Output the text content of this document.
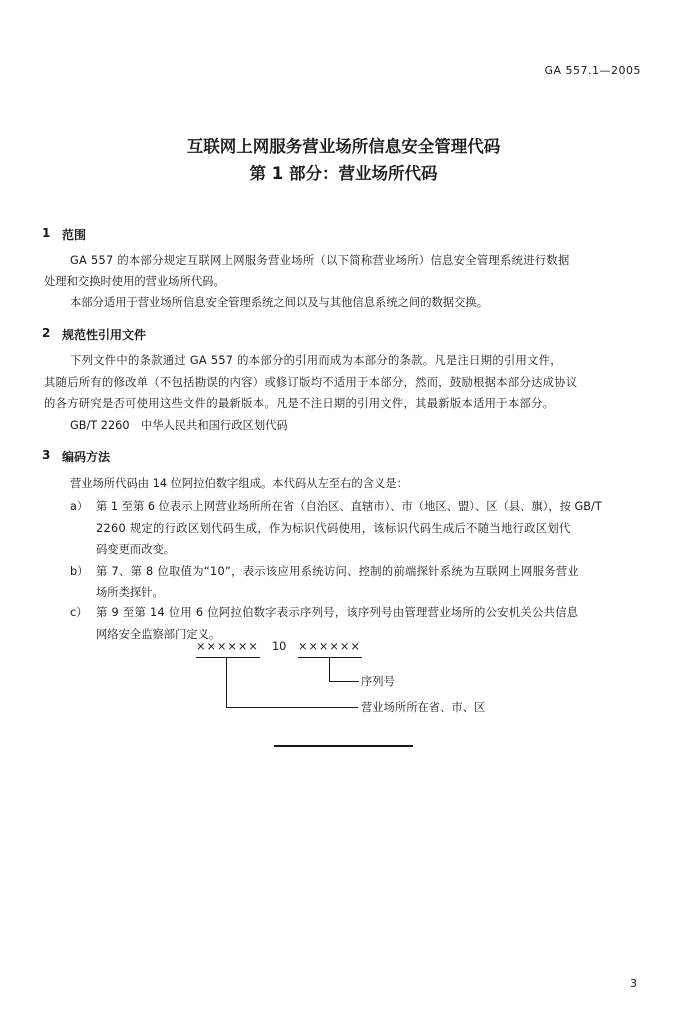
GA 557.1—2005
互联网上网服务营业场所信息安全管理代码
第 1 部分：营业场所代码
1 范围
GA 557 的本部分规定互联网上网服务营业场所（以下简称营业场所）信息安全管理系统进行数据
处理和交换时使用的营业场所代码。
本部分适用于营业场所信息安全管理系统之间以及与其他信息系统之间的数据交换。
2 规范性引用文件
下列文件中的条款通过 GA 557 的本部分的引用而成为本部分的条款。凡是注日期的引用文件，
其随后所有的修改单（不包括勘误的内容）或修订版均不适用于本部分，然而，鼓励根据本部分达成协议
的各方研究是否可使用这些文件的最新版本。凡是不注日期的引用文件，其最新版本适用于本部分。
GB/T 2260　中华人民共和国行政区划代码
3 编码方法
营业场所代码由 14 位阿拉伯数字组成。本代码从左至右的含义是：
a） 第 1 至第 6 位表示上网营业场所所在省（自治区、直辖市）、市（地区、盟）、区（县、旗），按 GB/T
2260 规定的行政区划代码生成，作为标识代码使用，该标识代码生成后不随当地行政区划代
码变更而改变。
b） 第 7、第 8 位取值为“10”，表示该应用系统访问、控制的前端探针系统为互联网上网服务营业
场所类探针。
c） 第 9 至第 14 位用 6 位阿拉伯数字表示序列号，该序列号由管理营业场所的公安机关公共信息
网络安全监察部门定义。
×××××× 10 ××××××
序列号
营业场所所在省、市、区
3
